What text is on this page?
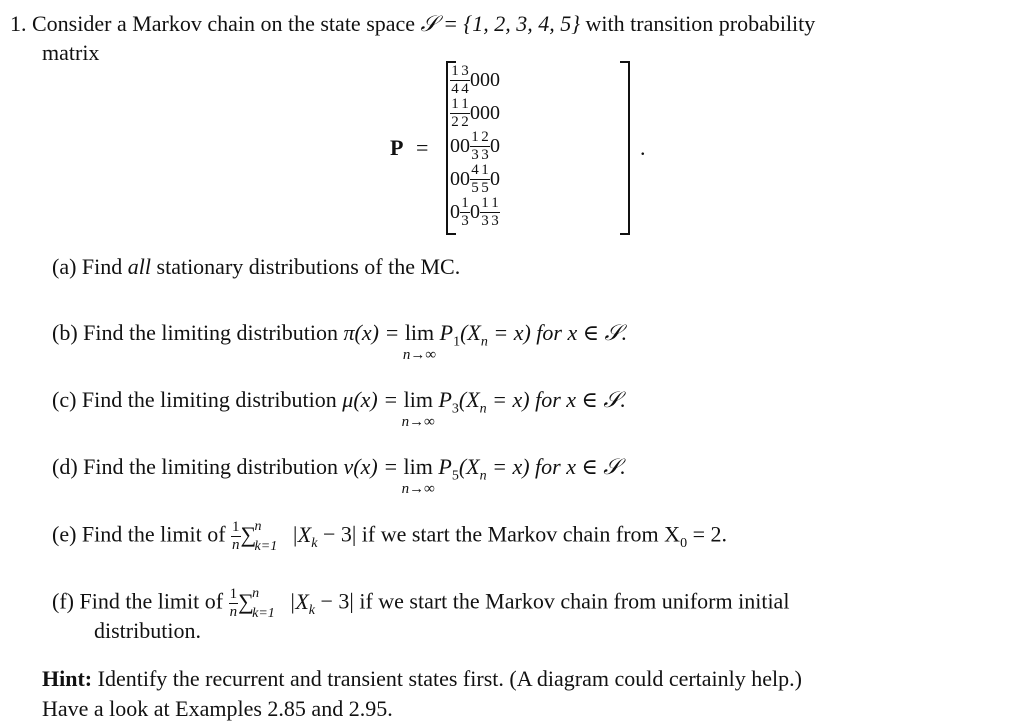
1. Consider a Markov chain on the state space 𝒮 = {1, 2, 3, 4, 5} with transition probability
matrix
P =
$\frac{1}{4}$	$\frac{3}{4}$	0	0	0

$\frac{1}{2}$	$\frac{1}{2}$	0	0	0
0	0	$\frac{1}{3}$	$\frac{2}{3}$	0
0	0	$\frac{4}{5}$	$\frac{1}{5}$	0
0	$\frac{1}{3}$	0	$\frac{1}{3}$	$\frac{1}{3}$
.
(a) Find all stationary distributions of the MC.
(b) Find the limiting distribution π(x) = lim
n→∞
$P_1(X_n = x)$ for x ∈ 𝒮.
(c) Find the limiting distribution μ(x) = lim
n→∞
$P_3(X_n = x)$ for x ∈ 𝒮.
(d) Find the limiting distribution ν(x) = lim
n→∞
$P_5(X_n = x)$ for x ∈ 𝒮.
(e) Find the limit of $\frac{1}{n}$ ∑
n
k=1 $|X_k - 3|$ if we start the Markov chain from $X_0 = 2$.
(f) Find the limit of $\frac{1}{n}$ ∑
n
k=1 $|X_k - 3|$ if we start the Markov chain from uniform initial
distribution.
Hint: Identify the recurrent and transient states first. (A diagram could certainly help.)
Have a look at Examples 2.85 and 2.95.
